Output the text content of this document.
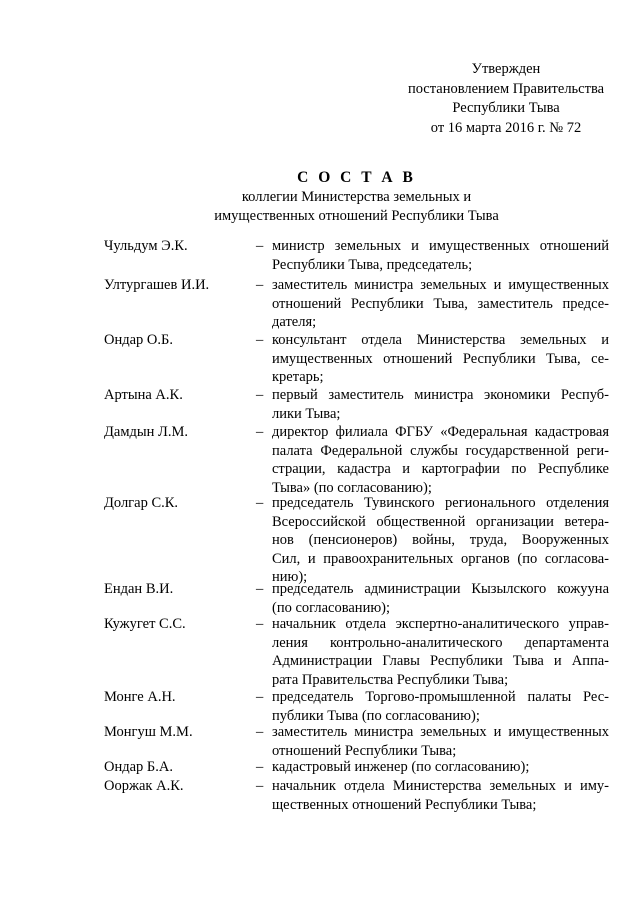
Утвержден
постановлением Правительства
Республики Тыва
от 16 марта 2016 г. № 72
С О С Т А В
коллегии Министерства земельных и
имущественных отношений Республики Тыва
Чульдум Э.К.	– министр земельных и имущественных отношений
Республики Тыва, председатель;
Ултургашев И.И.	– заместитель министра земельных и имущественных
отношений Республики Тыва, заместитель предсе-
дателя;
Ондар О.Б.	– консультант отдела Министерства земельных и
имущественных отношений Республики Тыва, се-
кретарь;
Артына А.К.	– первый заместитель министра экономики Респуб-
лики Тыва;
Дамдын Л.М.	– директор филиала ФГБУ «Федеральная кадастровая
палата Федеральной службы государственной реги-
страции, кадастра и картографии по Республике
Тыва» (по согласованию);
Долгар С.К.	– председатель Тувинского регионального отделения
Всероссийской общественной организации ветера-
нов (пенсионеров) войны, труда, Вооруженных
Сил, и правоохранительных органов (по согласова-
нию);
Ендан В.И.	– председатель администрации Кызылского кожууна
(по согласованию);
Кужугет С.С.	– начальник отдела экспертно-аналитического управ-
ления контрольно-аналитического департамента
Администрации Главы Республики Тыва и Аппа-
рата Правительства Республики Тыва;
Монге А.Н.	– председатель Торгово-промышленной палаты Рес-
публики Тыва (по согласованию);
Монгуш М.М.	– заместитель министра земельных и имущественных
отношений Республики Тыва;
Ондар Б.А.	– кадастровый инженер (по согласованию);
Ооржак А.К.	– начальник отдела Министерства земельных и иму-
щественных отношений Республики Тыва;
